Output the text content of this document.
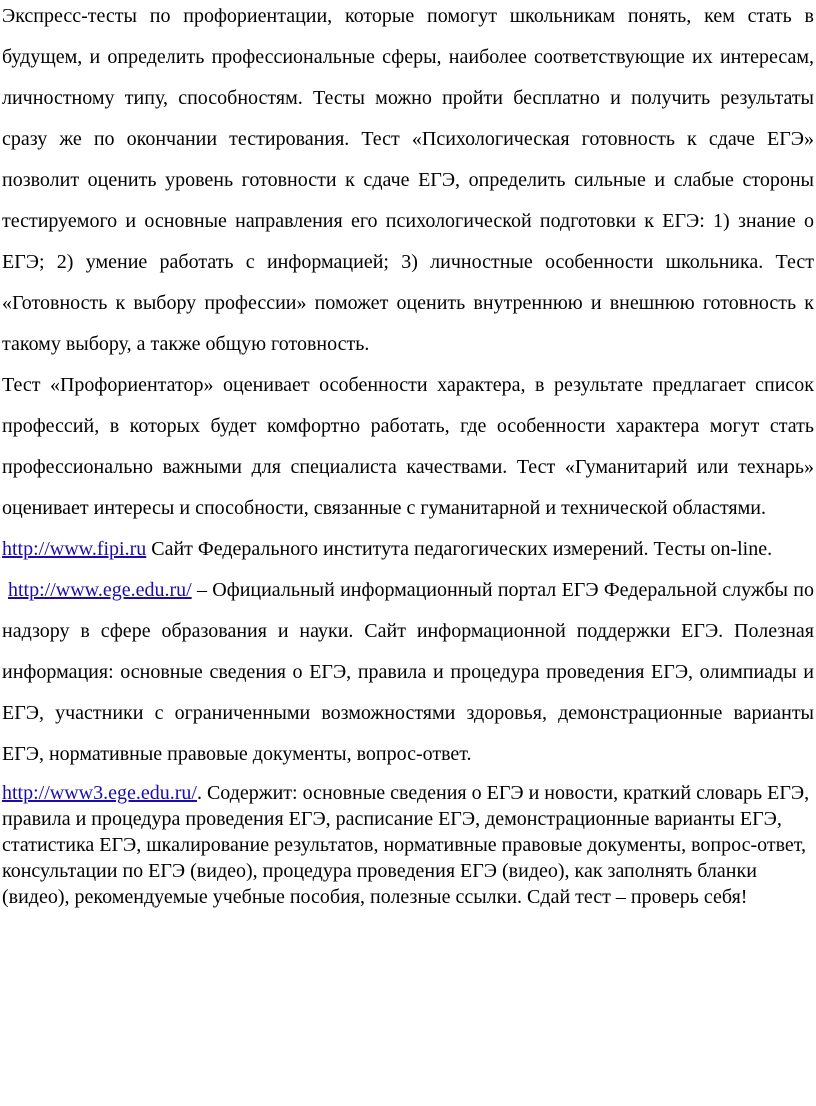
Экспресс-тесты по профориентации, которые помогут школьникам понять, кем стать в будущем, и определить профессиональные сферы, наиболее соответствующие их интересам, личностному типу, способностям. Тесты можно пройти бесплатно и получить результаты сразу же по окончании тестирования. Тест «Психологическая готовность к сдаче ЕГЭ» позволит оценить уровень готовности к сдаче ЕГЭ, определить сильные и слабые стороны тестируемого и основные направления его психологической подготовки к ЕГЭ: 1) знание о ЕГЭ; 2) умение работать с информацией; 3) личностные особенности школьника. Тест «Готовность к выбору профессии» поможет оценить внутреннюю и внешнюю готовность к такому выбору, а также общую готовность.

Тест «Профориентатор» оценивает особенности характера, в результате предлагает список профессий, в которых будет комфортно работать, где особенности характера могут стать профессионально важными для специалиста качествами. Тест «Гуманитарий или технарь» оценивает интересы и способности, связанные с гуманитарной и технической областями.

http://www.fipi.ru Сайт Федерального института педагогических измерений. Тесты on-line.

http://www.ege.edu.ru/ – Официальный информационный портал ЕГЭ Федеральной службы по надзору в сфере образования и науки. Сайт информационной поддержки ЕГЭ. Полезная информация: основные сведения о ЕГЭ, правила и процедура проведения ЕГЭ, олимпиады и ЕГЭ, участники с ограниченными возможностями здоровья, демонстрационные варианты ЕГЭ, нормативные правовые документы, вопрос-ответ.

http://www3.ege.edu.ru/. Содержит: основные сведения о ЕГЭ и новости, краткий словарь ЕГЭ, правила и процедура проведения ЕГЭ, расписание ЕГЭ, демонстрационные варианты ЕГЭ, статистика ЕГЭ, шкалирование результатов, нормативные правовые документы, вопрос-ответ, консультации по ЕГЭ (видео), процедура проведения ЕГЭ (видео), как заполнять бланки (видео), рекомендуемые учебные пособия, полезные ссылки. Сдай тест – проверь себя!
